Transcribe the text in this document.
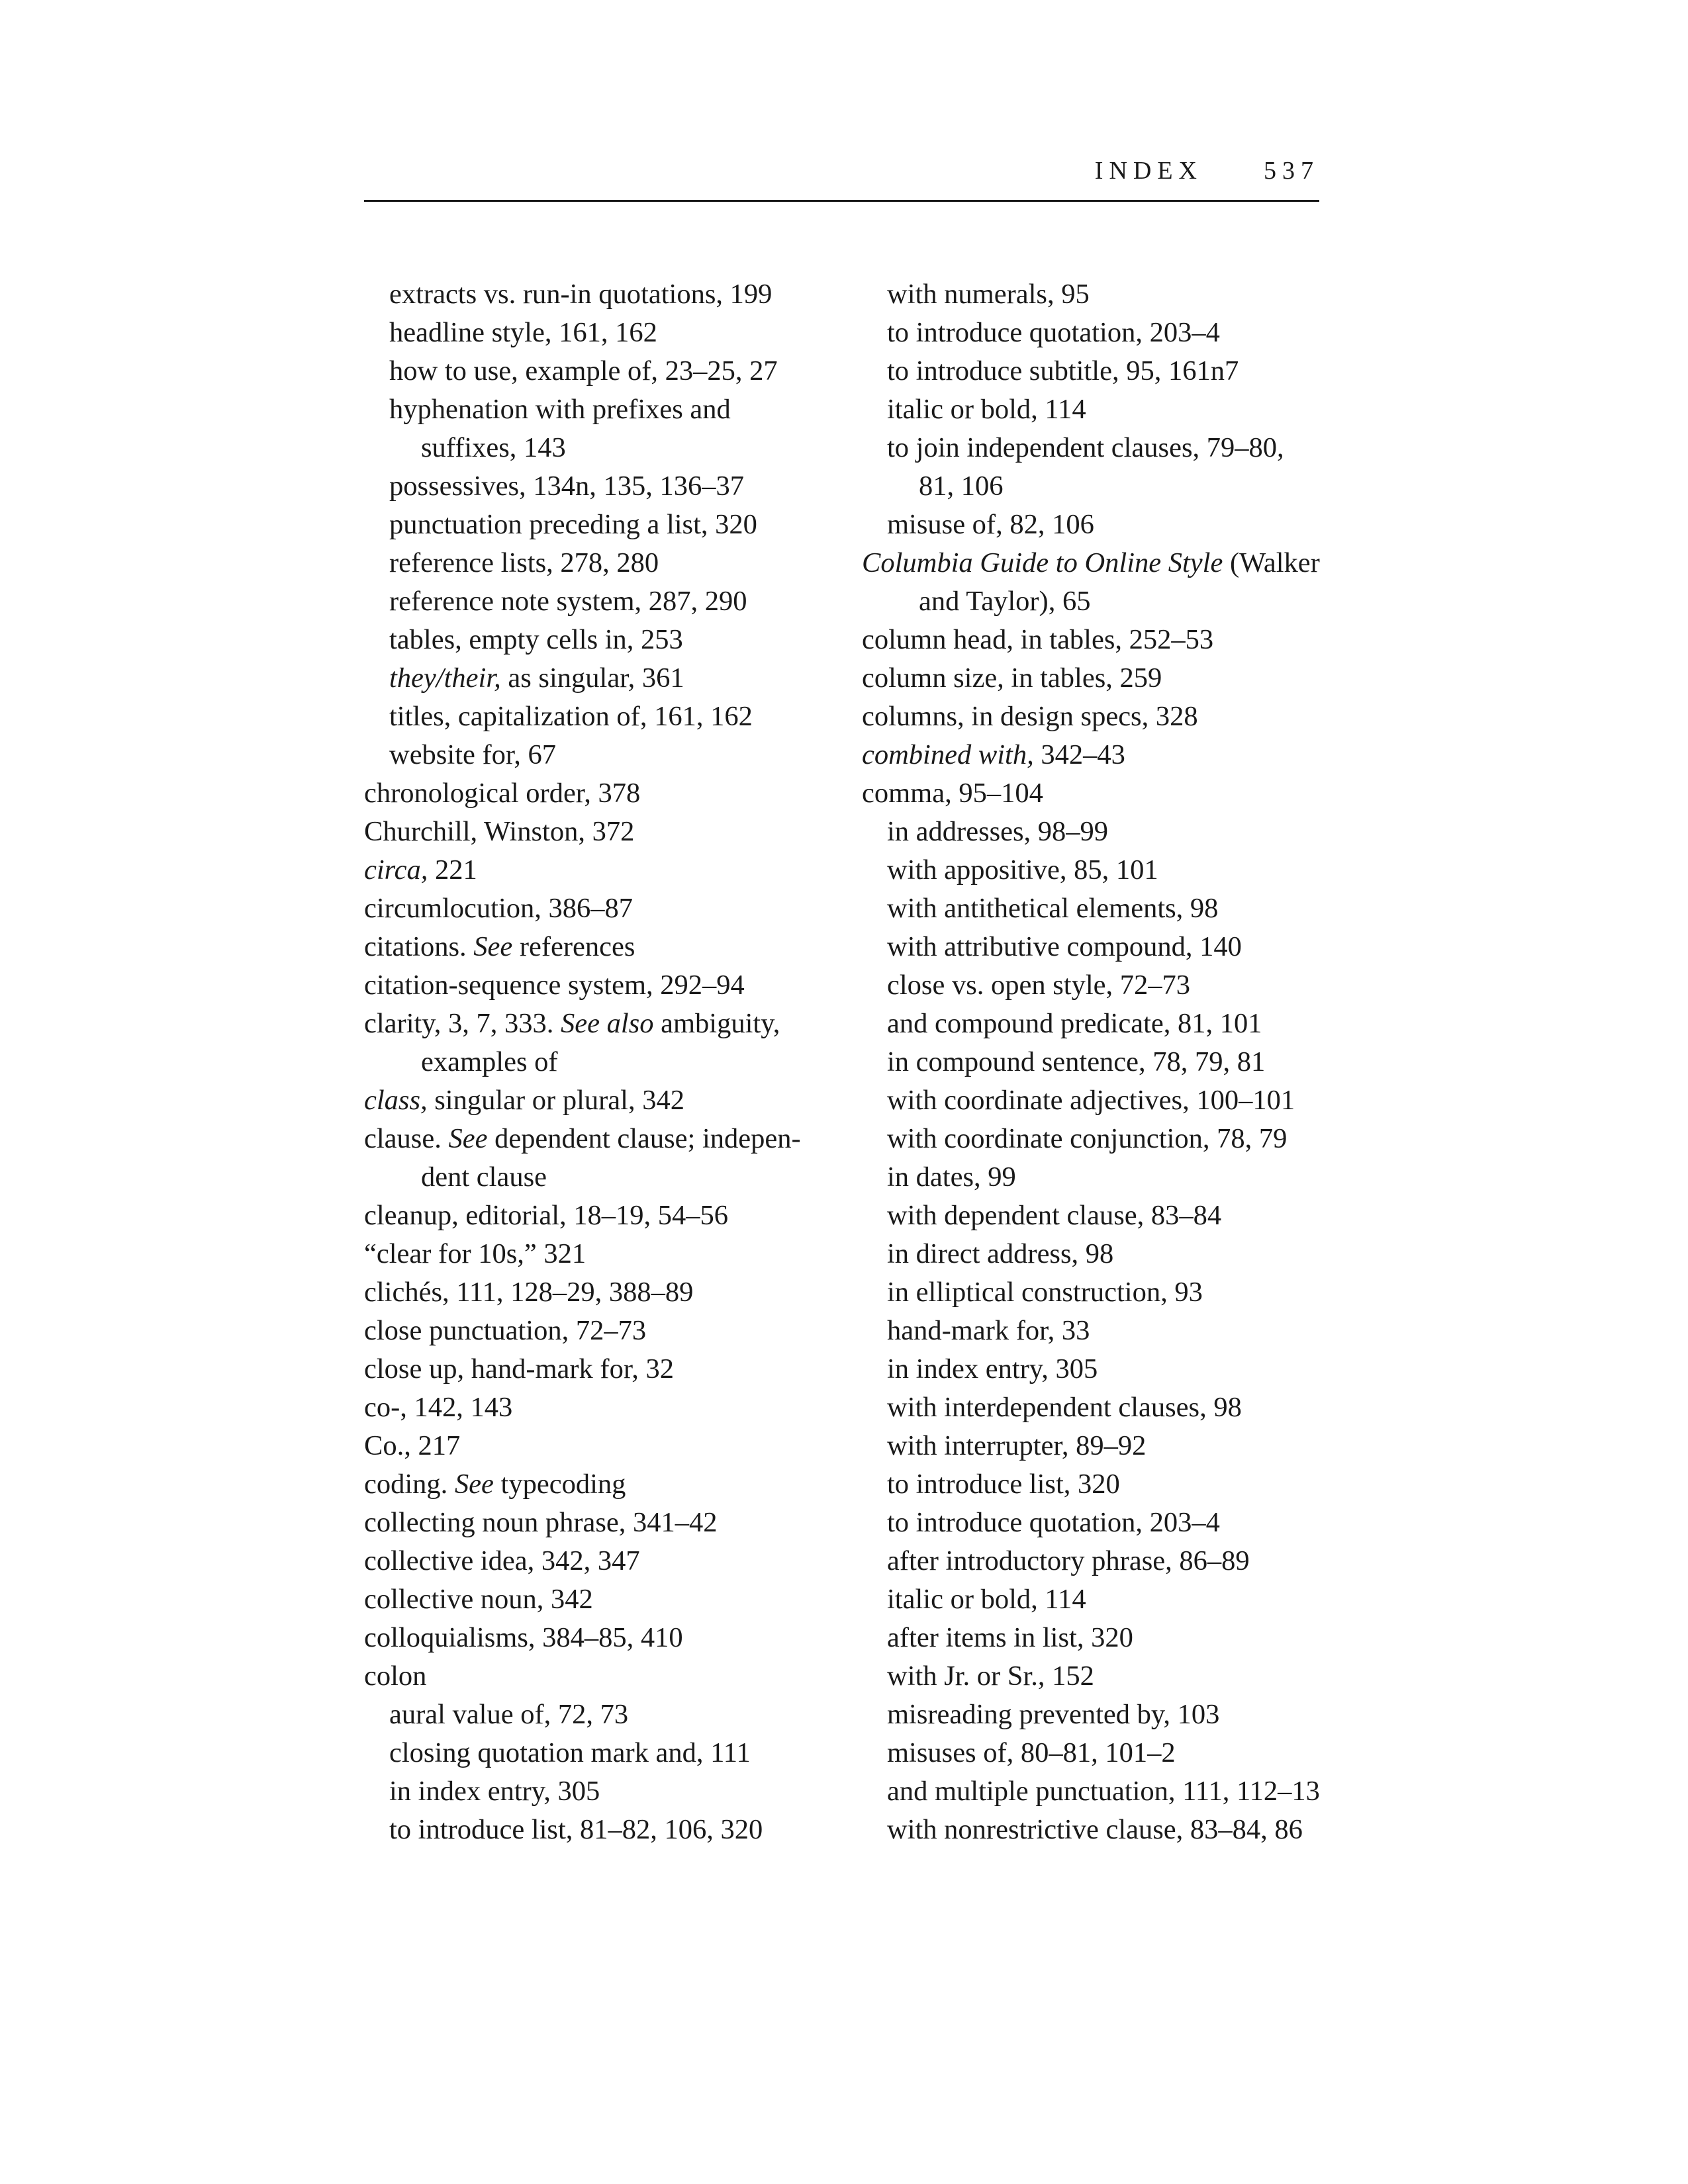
INDEX 537
extracts vs. run-in quotations, 199
headline style, 161, 162
how to use, example of, 23–25, 27
hyphenation with prefixes and
suffixes, 143
possessives, 134n, 135, 136–37
punctuation preceding a list, 320
reference lists, 278, 280
reference note system, 287, 290
tables, empty cells in, 253
they/their, as singular, 361
titles, capitalization of, 161, 162
website for, 67
chronological order, 378
Churchill, Winston, 372
circa, 221
circumlocution, 386–87
citations. See references
citation-sequence system, 292–94
clarity, 3, 7, 333. See also ambiguity,
examples of
class, singular or plural, 342
clause. See dependent clause; indepen-
dent clause
cleanup, editorial, 18–19, 54–56
“clear for 10s,” 321
clichés, 111, 128–29, 388–89
close punctuation, 72–73
close up, hand-mark for, 32
co-, 142, 143
Co., 217
coding. See typecoding
collecting noun phrase, 341–42
collective idea, 342, 347
collective noun, 342
colloquialisms, 384–85, 410
colon
aural value of, 72, 73
closing quotation mark and, 111
in index entry, 305
to introduce list, 81–82, 106, 320
with numerals, 95
to introduce quotation, 203–4
to introduce subtitle, 95, 161n7
italic or bold, 114
to join independent clauses, 79–80,
81, 106
misuse of, 82, 106
Columbia Guide to Online Style (Walker
and Taylor), 65
column head, in tables, 252–53
column size, in tables, 259
columns, in design specs, 328
combined with, 342–43
comma, 95–104
in addresses, 98–99
with appositive, 85, 101
with antithetical elements, 98
with attributive compound, 140
close vs. open style, 72–73
and compound predicate, 81, 101
in compound sentence, 78, 79, 81
with coordinate adjectives, 100–101
with coordinate conjunction, 78, 79
in dates, 99
with dependent clause, 83–84
in direct address, 98
in elliptical construction, 93
hand-mark for, 33
in index entry, 305
with interdependent clauses, 98
with interrupter, 89–92
to introduce list, 320
to introduce quotation, 203–4
after introductory phrase, 86–89
italic or bold, 114
after items in list, 320
with Jr. or Sr., 152
misreading prevented by, 103
misuses of, 80–81, 101–2
and multiple punctuation, 111, 112–13
with nonrestrictive clause, 83–84, 86
